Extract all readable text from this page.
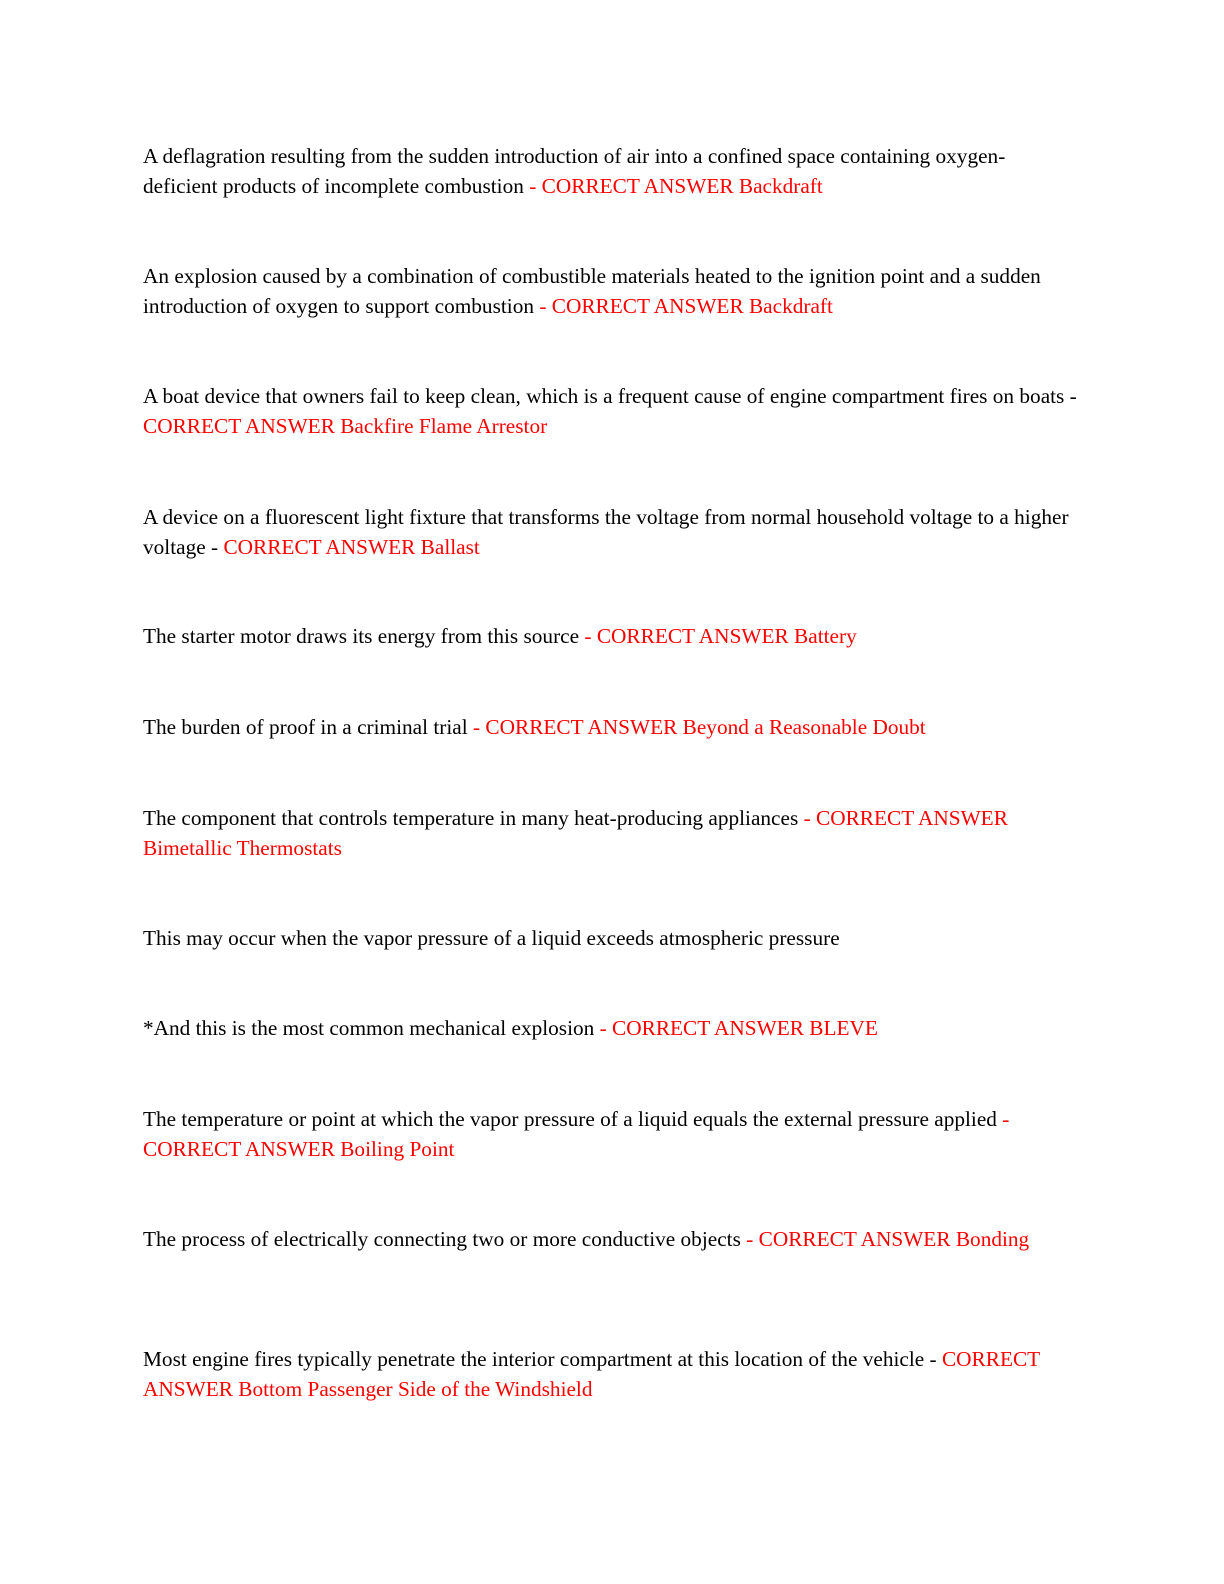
A deflagration resulting from the sudden introduction of air into a confined space containing oxygen-deficient products of incomplete combustion - CORRECT ANSWER Backdraft

An explosion caused by a combination of combustible materials heated to the ignition point and a sudden introduction of oxygen to support combustion - CORRECT ANSWER Backdraft

A boat device that owners fail to keep clean, which is a frequent cause of engine compartment fires on boats - CORRECT ANSWER Backfire Flame Arrestor

A device on a fluorescent light fixture that transforms the voltage from normal household voltage to a higher voltage - CORRECT ANSWER Ballast

The starter motor draws its energy from this source - CORRECT ANSWER Battery

The burden of proof in a criminal trial - CORRECT ANSWER Beyond a Reasonable Doubt

The component that controls temperature in many heat-producing appliances - CORRECT ANSWER Bimetallic Thermostats

This may occur when the vapor pressure of a liquid exceeds atmospheric pressure

*And this is the most common mechanical explosion - CORRECT ANSWER BLEVE

The temperature or point at which the vapor pressure of a liquid equals the external pressure applied - CORRECT ANSWER Boiling Point

The process of electrically connecting two or more conductive objects - CORRECT ANSWER Bonding

Most engine fires typically penetrate the interior compartment at this location of the vehicle - CORRECT ANSWER Bottom Passenger Side of the Windshield
